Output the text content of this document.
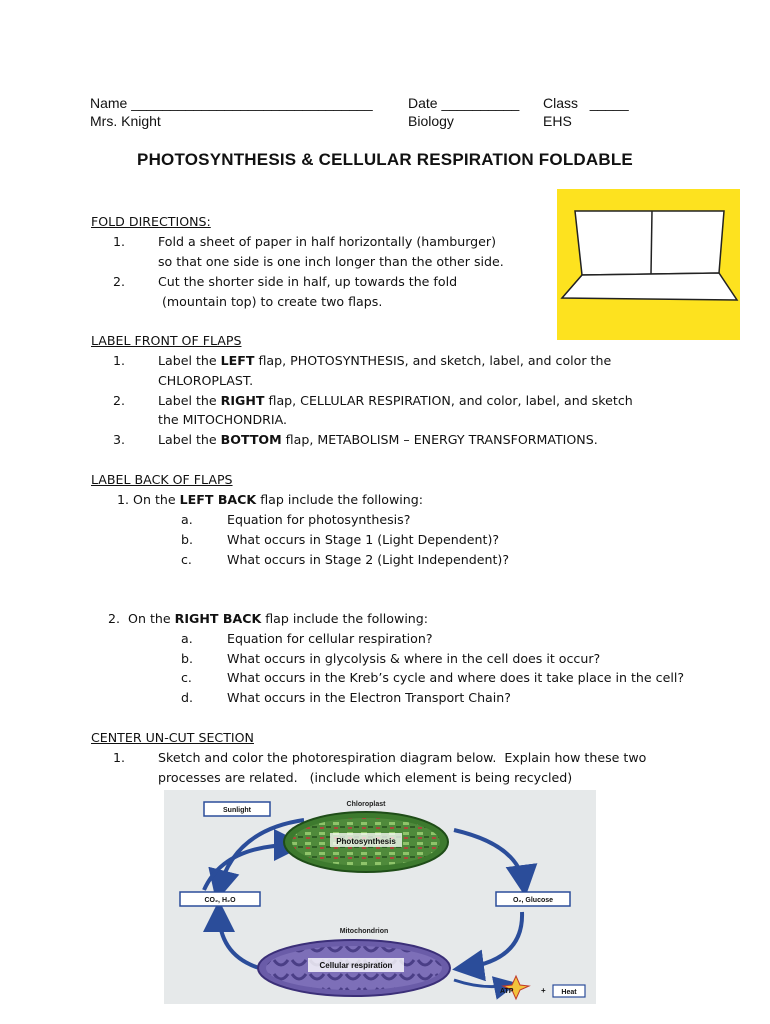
Name _______________________________
Mrs. Knight
Date __________
Biology
Class _____
EHS
PHOTOSYNTHESIS & CELLULAR RESPIRATION FOLDABLE
FOLD DIRECTIONS:
1.	Fold a sheet of paper in half horizontally (hamburger)
so that one side is one inch longer than the other side.
2.	Cut the shorter side in half, up towards the fold
(mountain top) to create two flaps.
LABEL FRONT OF FLAPS
1.	Label the LEFT flap, PHOTOSYNTHESIS, and sketch, label, and color the
CHLOROPLAST.
2.	Label the RIGHT flap, CELLULAR RESPIRATION, and color, label, and sketch
the MITOCHONDRIA.
3.	Label the BOTTOM flap, METABOLISM – ENERGY TRANSFORMATIONS.
LABEL BACK OF FLAPS
1. On the LEFT BACK flap include the following:
a.	Equation for photosynthesis?
b.	What occurs in Stage 1 (Light Dependent)?
c.	What occurs in Stage 2 (Light Independent)?
2. On the RIGHT BACK flap include the following:
a.	Equation for cellular respiration?
b.	What occurs in glycolysis & where in the cell does it occur?
c.	What occurs in the Kreb’s cycle and where does it take place in the cell?
d.	What occurs in the Electron Transport Chain?
CENTER UN-CUT SECTION
1.	Sketch and color the photorespiration diagram below.  Explain how these two
processes are related.   (include which element is being recycled)
Photosynthesis
Chloroplast
Sunlight
CO₂, H₂O	O₂, Glucose
Mitochondrion
Cellular respiration
ATP	+ Heat
